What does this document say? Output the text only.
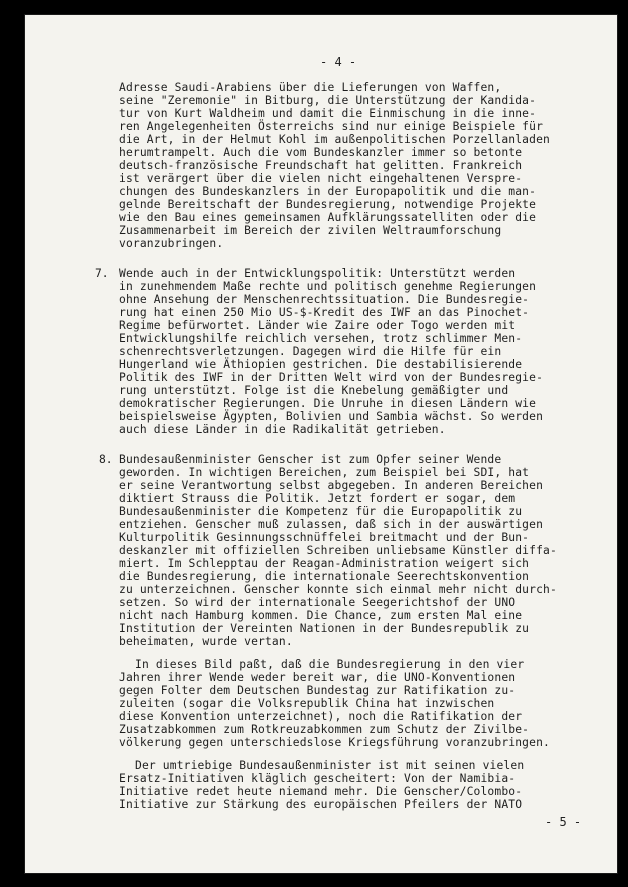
- 4 -
Adresse Saudi-Arabiens über die Lieferungen von Waffen,
seine "Zeremonie" in Bitburg, die Unterstützung der Kandida-
tur von Kurt Waldheim und damit die Einmischung in die inne-
ren Angelegenheiten Österreichs sind nur einige Beispiele für
die Art, in der Helmut Kohl im außenpolitischen Porzellanladen
herumtrampelt. Auch die vom Bundeskanzler immer so betonte
deutsch-französische Freundschaft hat gelitten. Frankreich
ist verärgert über die vielen nicht eingehaltenen Verspre-
chungen des Bundeskanzlers in der Europapolitik und die man-
gelnde Bereitschaft der Bundesregierung, notwendige Projekte
wie den Bau eines gemeinsamen Aufklärungssatelliten oder die
Zusammenarbeit im Bereich der zivilen Weltraumforschung
voranzubringen.
7. Wende auch in der Entwicklungspolitik: Unterstützt werden
in zunehmendem Maße rechte und politisch genehme Regierungen
ohne Ansehung der Menschenrechtssituation. Die Bundesregie-
rung hat einen 250 Mio US-$-Kredit des IWF an das Pinochet-
Regime befürwortet. Länder wie Zaire oder Togo werden mit
Entwicklungshilfe reichlich versehen, trotz schlimmer Men-
schenrechtsverletzungen. Dagegen wird die Hilfe für ein
Hungerland wie Äthiopien gestrichen. Die destabilisierende
Politik des IWF in der Dritten Welt wird von der Bundesregie-
rung unterstützt. Folge ist die Knebelung gemäßigter und
demokratischer Regierungen. Die Unruhe in diesen Ländern wie
beispielsweise Ägypten, Bolivien und Sambia wächst. So werden
auch diese Länder in die Radikalität getrieben.
8. Bundesaußenminister Genscher ist zum Opfer seiner Wende
geworden. In wichtigen Bereichen, zum Beispiel bei SDI, hat
er seine Verantwortung selbst abgegeben. In anderen Bereichen
diktiert Strauss die Politik. Jetzt fordert er sogar, dem
Bundesaußenminister die Kompetenz für die Europapolitik zu
entziehen. Genscher muß zulassen, daß sich in der auswärtigen
Kulturpolitik Gesinnungsschnüffelei breitmacht und der Bun-
deskanzler mit offiziellen Schreiben unliebsame Künstler diffa-
miert. Im Schlepptau der Reagan-Administration weigert sich
die Bundesregierung, die internationale Seerechtskonvention
zu unterzeichnen. Genscher konnte sich einmal mehr nicht durch-
setzen. So wird der internationale Seegerichtshof der UNO
nicht nach Hamburg kommen. Die Chance, zum ersten Mal eine
Institution der Vereinten Nationen in der Bundesrepublik zu
beheimaten, wurde vertan.
In dieses Bild paßt, daß die Bundesregierung in den vier
Jahren ihrer Wende weder bereit war, die UNO-Konventionen
gegen Folter dem Deutschen Bundestag zur Ratifikation zu-
zuleiten (sogar die Volksrepublik China hat inzwischen
diese Konvention unterzeichnet), noch die Ratifikation der
Zusatzabkommen zum Rotkreuzabkommen zum Schutz der Zivilbe-
völkerung gegen unterschiedslose Kriegsführung voranzubringen.
Der umtriebige Bundesaußenminister ist mit seinen vielen
Ersatz-Initiativen kläglich gescheitert: Von der Namibia-
Initiative redet heute niemand mehr. Die Genscher/Colombo-
Initiative zur Stärkung des europäischen Pfeilers der NATO
- 5 -
